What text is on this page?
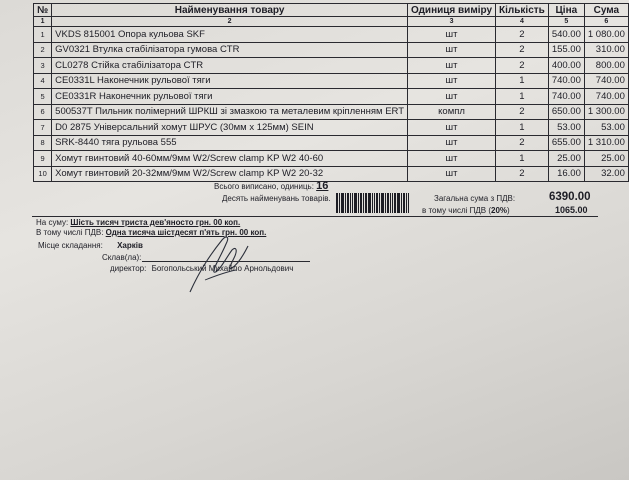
№	Найменування товару	Одиниця виміру	Кількість	Ціна	Сума
1	2	3	4	5	6
1	VKDS 815001 Опора кульова SKF	шт	2	540.00	1 080.00
2	GV0321 Втулка стабілізатора гумова CTR	шт	2	155.00	310.00
3	CL0278 Стійка стабілізатора CTR	шт	2	400.00	800.00
4	CE0331L Наконечник рульової тяги	шт	1	740.00	740.00
5	CE0331R Наконечник рульової тяги	шт	1	740.00	740.00
6	500537T Пильник полімерний ШРКШ зі змазкою та металевим кріпленням ERT	компл	2	650.00	1 300.00
7	D0 2875 Універсальний хомут ШРУС (30мм х 125мм) SEIN	шт	1	53.00	53.00
8	SRK-8440 тяга рульова 555	шт	2	655.00	1 310.00
9	Хомут гвинтовий 40-60мм/9мм W2/Screw clamp KP W2 40-60	шт	1	25.00	25.00
10	Хомут гвинтовий 20-32мм/9мм W2/Screw clamp KP W2 20-32	шт	2	16.00	32.00
Всього виписано, одиниць: 16
Десять найменувань товарів.	Загальна сума з ПДВ:	6390.00
в тому числі ПДВ (20%)	1065.00
На суму: Шість тисяч триста дев'яносто грн. 00 коп.
В тому числі ПДВ: Одна тисяча шістдесят п'ять грн. 00 коп.
Місце складання: Харків
Склав(ла):
директор: Богопольський Михайло Арнольдович
